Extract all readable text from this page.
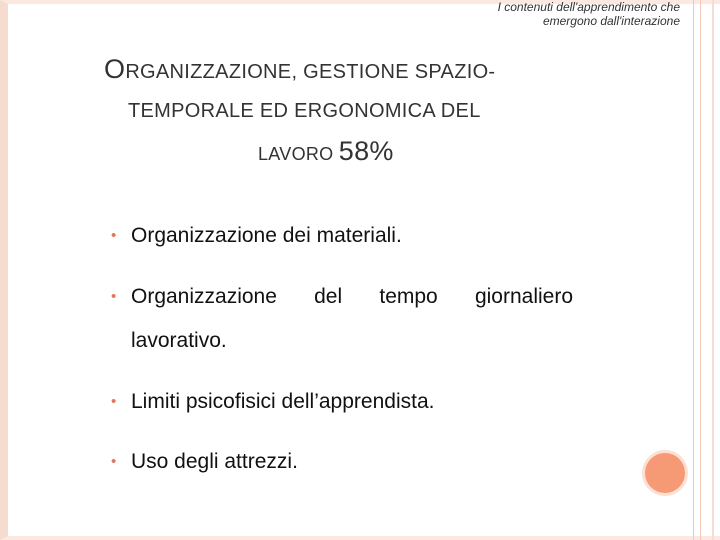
I contenuti dell'apprendimento che
emergono dall'interazione
ORGANIZZAZIONE, GESTIONE SPAZIO-
TEMPORALE ED ERGONOMICA DEL
LAVORO 58%
• Organizzazione dei materiali.
• Organizzazione del tempo giornaliero
lavorativo.
• Limiti psicofisici dell’apprendista.
• Uso degli attrezzi.
